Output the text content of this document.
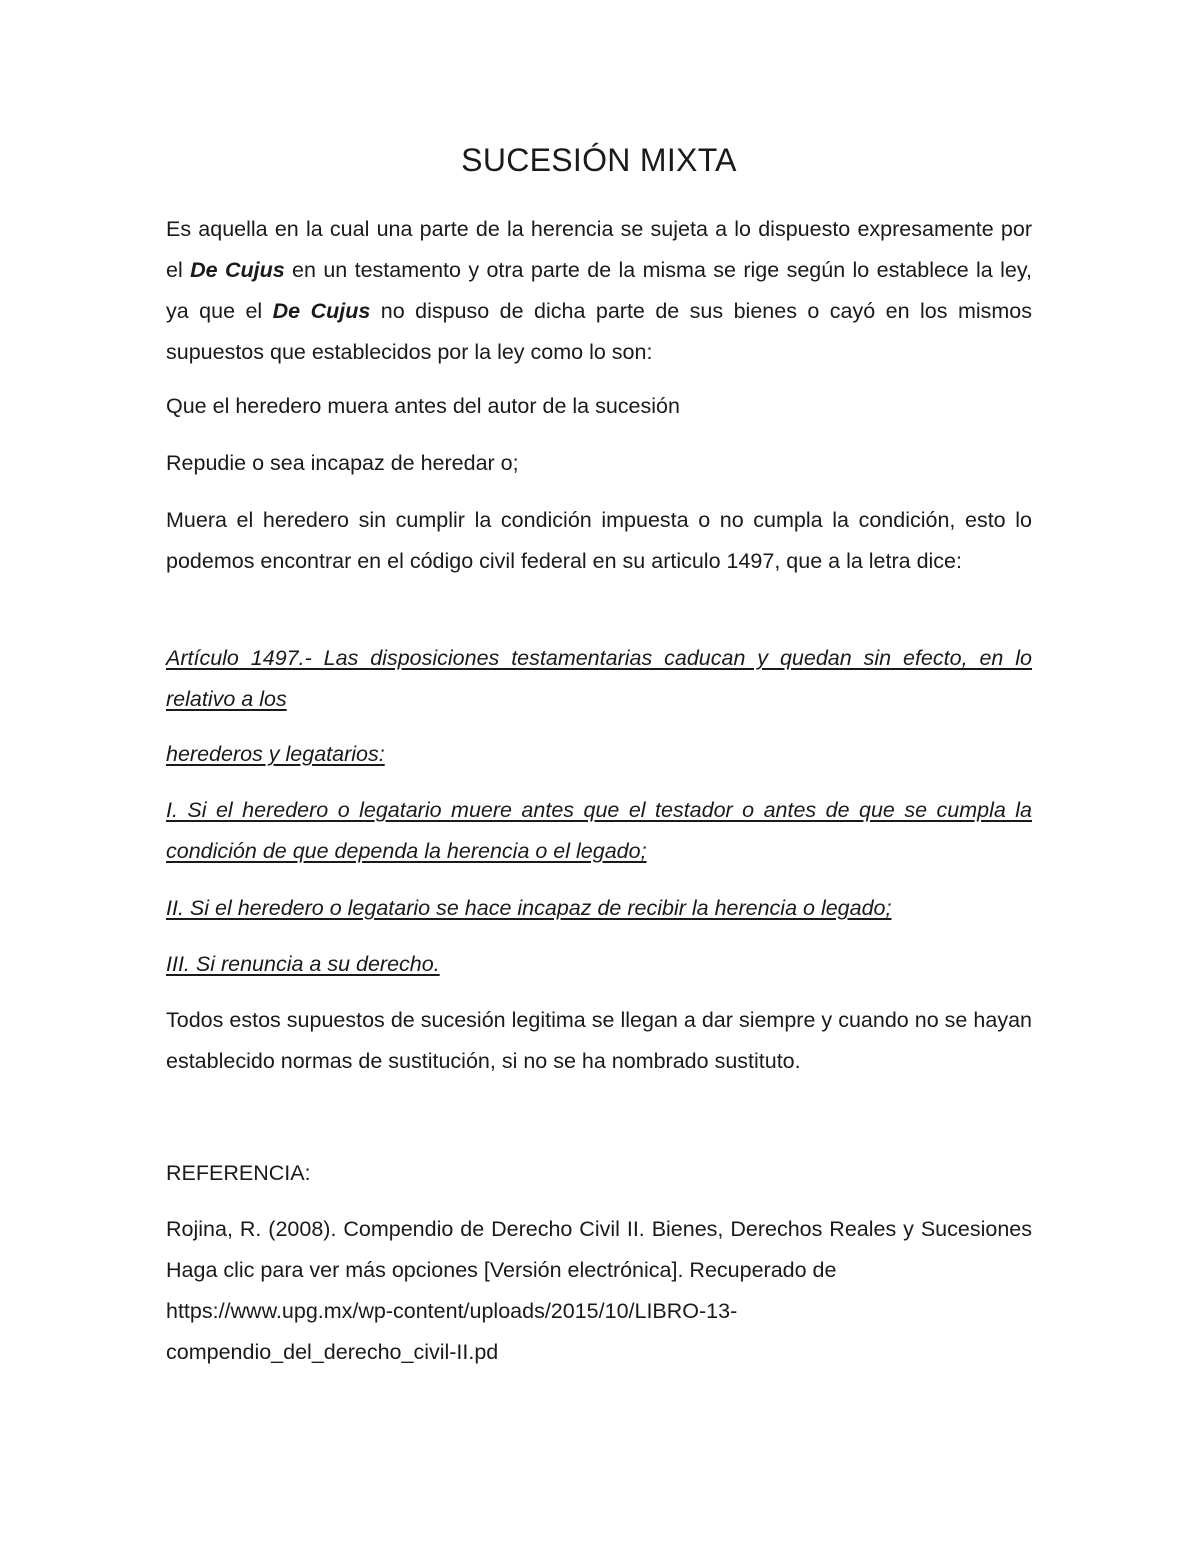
SUCESIÓN MIXTA

Es aquella en la cual una parte de la herencia se sujeta a lo dispuesto expresamente por el De Cujus en un testamento y otra parte de la misma se rige según lo establece la ley, ya que el De Cujus no dispuso de dicha parte de sus bienes o cayó en los mismos supuestos que establecidos por la ley como lo son:

Que el heredero muera antes del autor de la sucesión

Repudie o sea incapaz de heredar o;

Muera el heredero sin cumplir la condición impuesta o no cumpla la condición, esto lo podemos encontrar en el código civil federal en su articulo 1497, que a la letra dice:

Artículo 1497.- Las disposiciones testamentarias caducan y quedan sin efecto, en lo relativo a los

herederos y legatarios:

I. Si el heredero o legatario muere antes que el testador o antes de que se cumpla la condición de que dependa la herencia o el legado;

II. Si el heredero o legatario se hace incapaz de recibir la herencia o legado;

III. Si renuncia a su derecho.

Todos estos supuestos de sucesión legitima se llegan a dar siempre y cuando no se hayan establecido normas de sustitución, si no se ha nombrado sustituto.

REFERENCIA:

Rojina, R. (2008). Compendio de Derecho Civil II. Bienes, Derechos Reales y Sucesiones Haga clic para ver más opciones [Versión electrónica]. Recuperado de

https://www.upg.mx/wp-content/uploads/2015/10/LIBRO-13-
compendio_del_derecho_civil-II.pd
